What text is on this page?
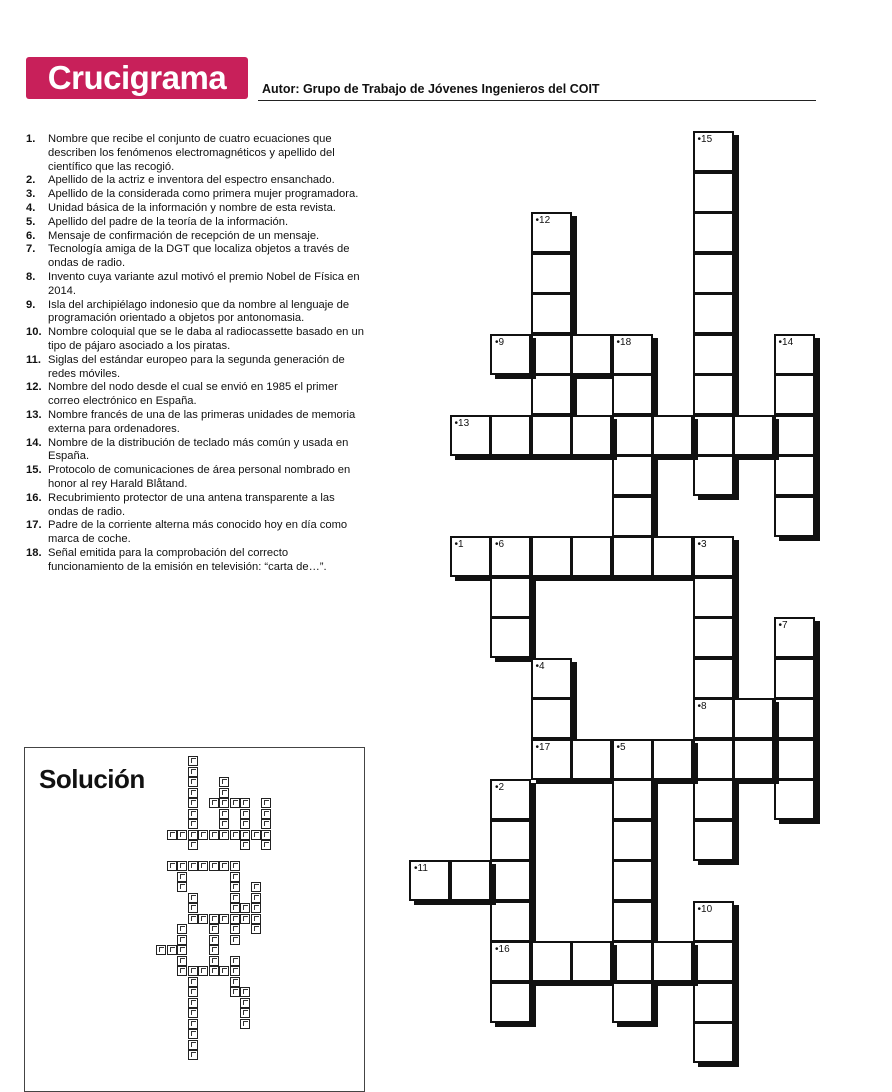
Crucigrama	Autor: Grupo de Trabajo de Jóvenes Ingenieros del COIT
1. Nombre que recibe el conjunto de cuatro ecuaciones que describen los fenómenos electromagnéticos y apellido del científico que las recogió.
2. Apellido de la actriz e inventora del espectro ensanchado.
3. Apellido de la considerada como primera mujer programadora.
4. Unidad básica de la información y nombre de esta revista.
5. Apellido del padre de la teoría de la información.
6. Mensaje de confirmación de recepción de un mensaje.
7. Tecnología amiga de la DGT que localiza objetos a través de ondas de radio.
8. Invento cuya variante azul motivó el premio Nobel de Física en 2014.
9. Isla del archipiélago indonesio que da nombre al lenguaje de programación orientado a objetos por antonomasia.
10. Nombre coloquial que se le daba al radiocassette basado en un tipo de pájaro asociado a los piratas.
11. Siglas del estándar europeo para la segunda generación de redes móviles.
12. Nombre del nodo desde el cual se envió en 1985 el primer correo electrónico en España.
13. Nombre francés de una de las primeras unidades de memoria externa para ordenadores.
14. Nombre de la distribución de teclado más común y usada en España.
15. Protocolo de comunicaciones de área personal nombrado en honor al rey Harald Blåtand.
16. Recubrimiento protector de una antena transparente a las ondas de radio.
17. Padre de la corriente alterna más conocido hoy en día como marca de coche.
18. Señal emitida para la comprobación del correcto funcionamiento de la emisión en televisión: “carta de…”.
Solución
•15
•12
•9	•18	•14
•13
•1	•6	•3
•8
•7
•4
•17	•5
•2
•16
•11
•10
